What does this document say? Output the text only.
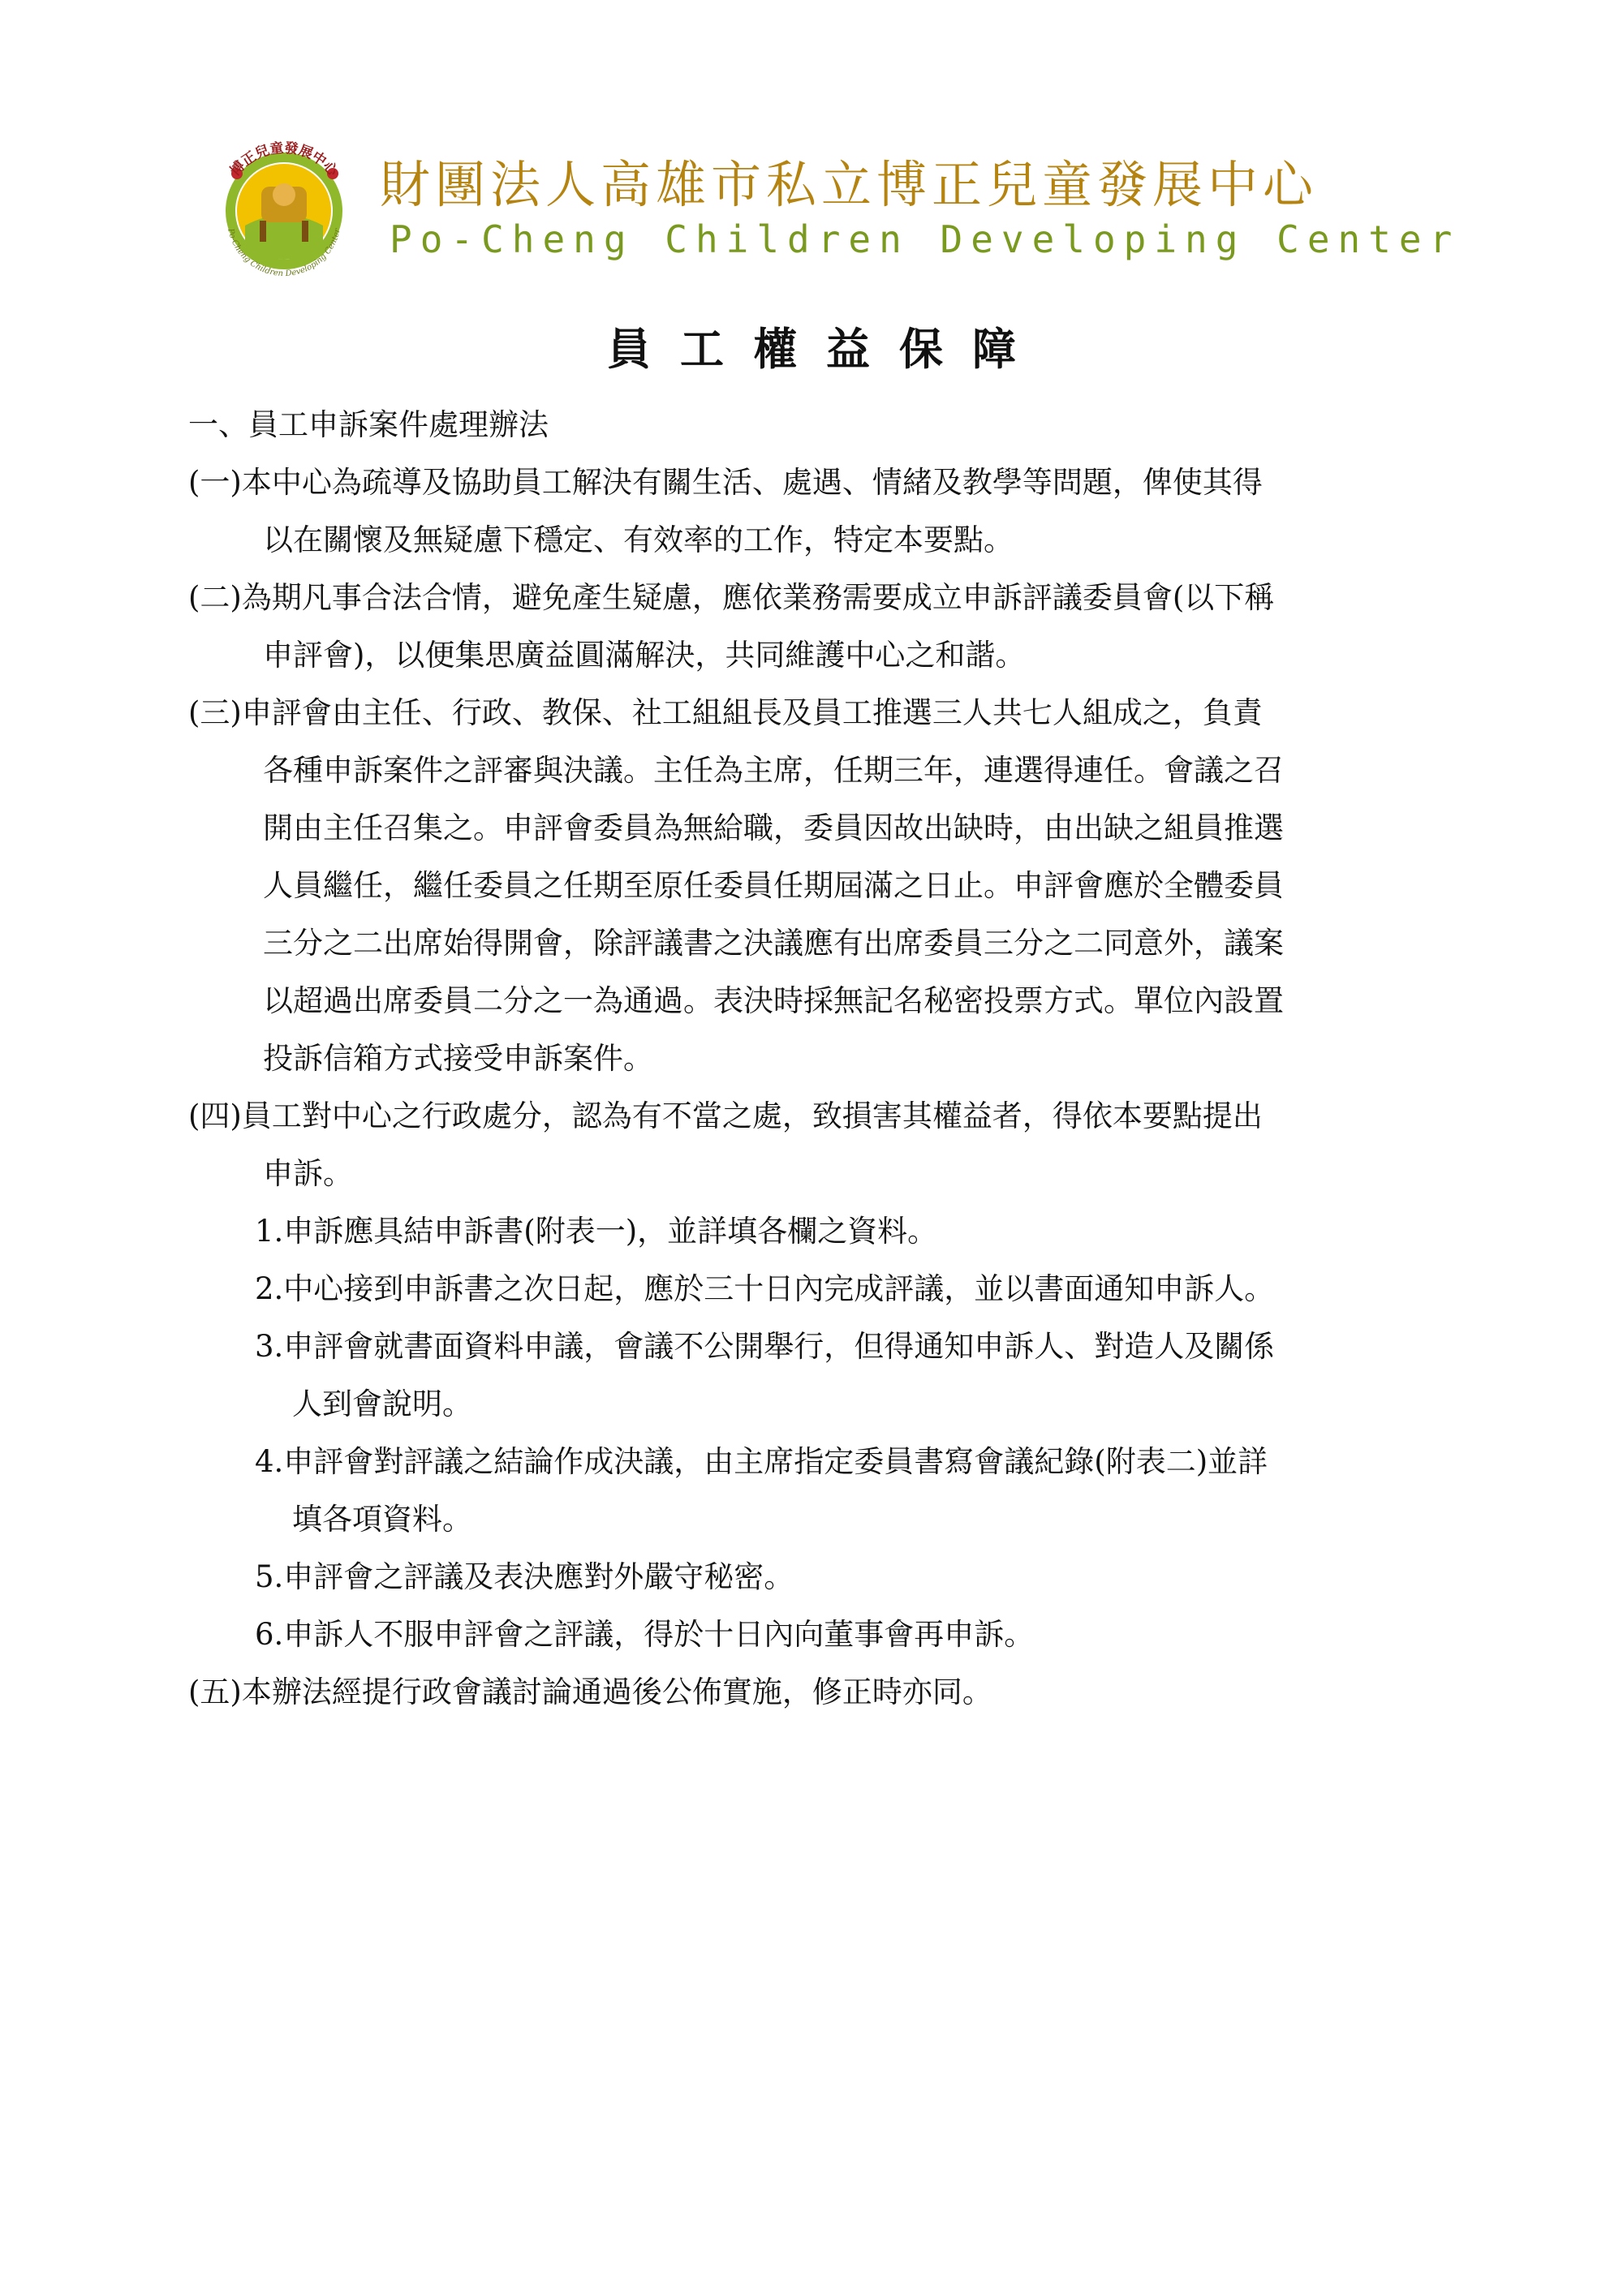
博正兒童發展中心
Po-Cheng Children Developing Center
財團法人高雄市私立博正兒童發展中心
Po-Cheng Children Developing Center
員工權益保障
一、員工申訴案件處理辦法
(一)本中心為疏導及協助員工解決有關生活、處遇、情緒及教學等問題，俾使其得
以在關懷及無疑慮下穩定、有效率的工作，特定本要點。
(二)為期凡事合法合情，避免產生疑慮，應依業務需要成立申訴評議委員會(以下稱
申評會)，以便集思廣益圓滿解決，共同維護中心之和諧。
(三)申評會由主任、行政、教保、社工組組長及員工推選三人共七人組成之，負責
各種申訴案件之評審與決議。主任為主席，任期三年，連選得連任。會議之召
開由主任召集之。申評會委員為無給職，委員因故出缺時，由出缺之組員推選
人員繼任，繼任委員之任期至原任委員任期屆滿之日止。申評會應於全體委員
三分之二出席始得開會，除評議書之決議應有出席委員三分之二同意外，議案
以超過出席委員二分之一為通過。表決時採無記名秘密投票方式。單位內設置
投訴信箱方式接受申訴案件。
(四)員工對中心之行政處分，認為有不當之處，致損害其權益者，得依本要點提出
申訴。
1.申訴應具結申訴書(附表一)，並詳填各欄之資料。
2.中心接到申訴書之次日起，應於三十日內完成評議，並以書面通知申訴人。
3.申評會就書面資料申議，會議不公開舉行，但得通知申訴人、對造人及關係
人到會說明。
4.申評會對評議之結論作成決議，由主席指定委員書寫會議紀錄(附表二)並詳
填各項資料。
5.申評會之評議及表決應對外嚴守秘密。
6.申訴人不服申評會之評議，得於十日內向董事會再申訴。
(五)本辦法經提行政會議討論通過後公佈實施，修正時亦同。
